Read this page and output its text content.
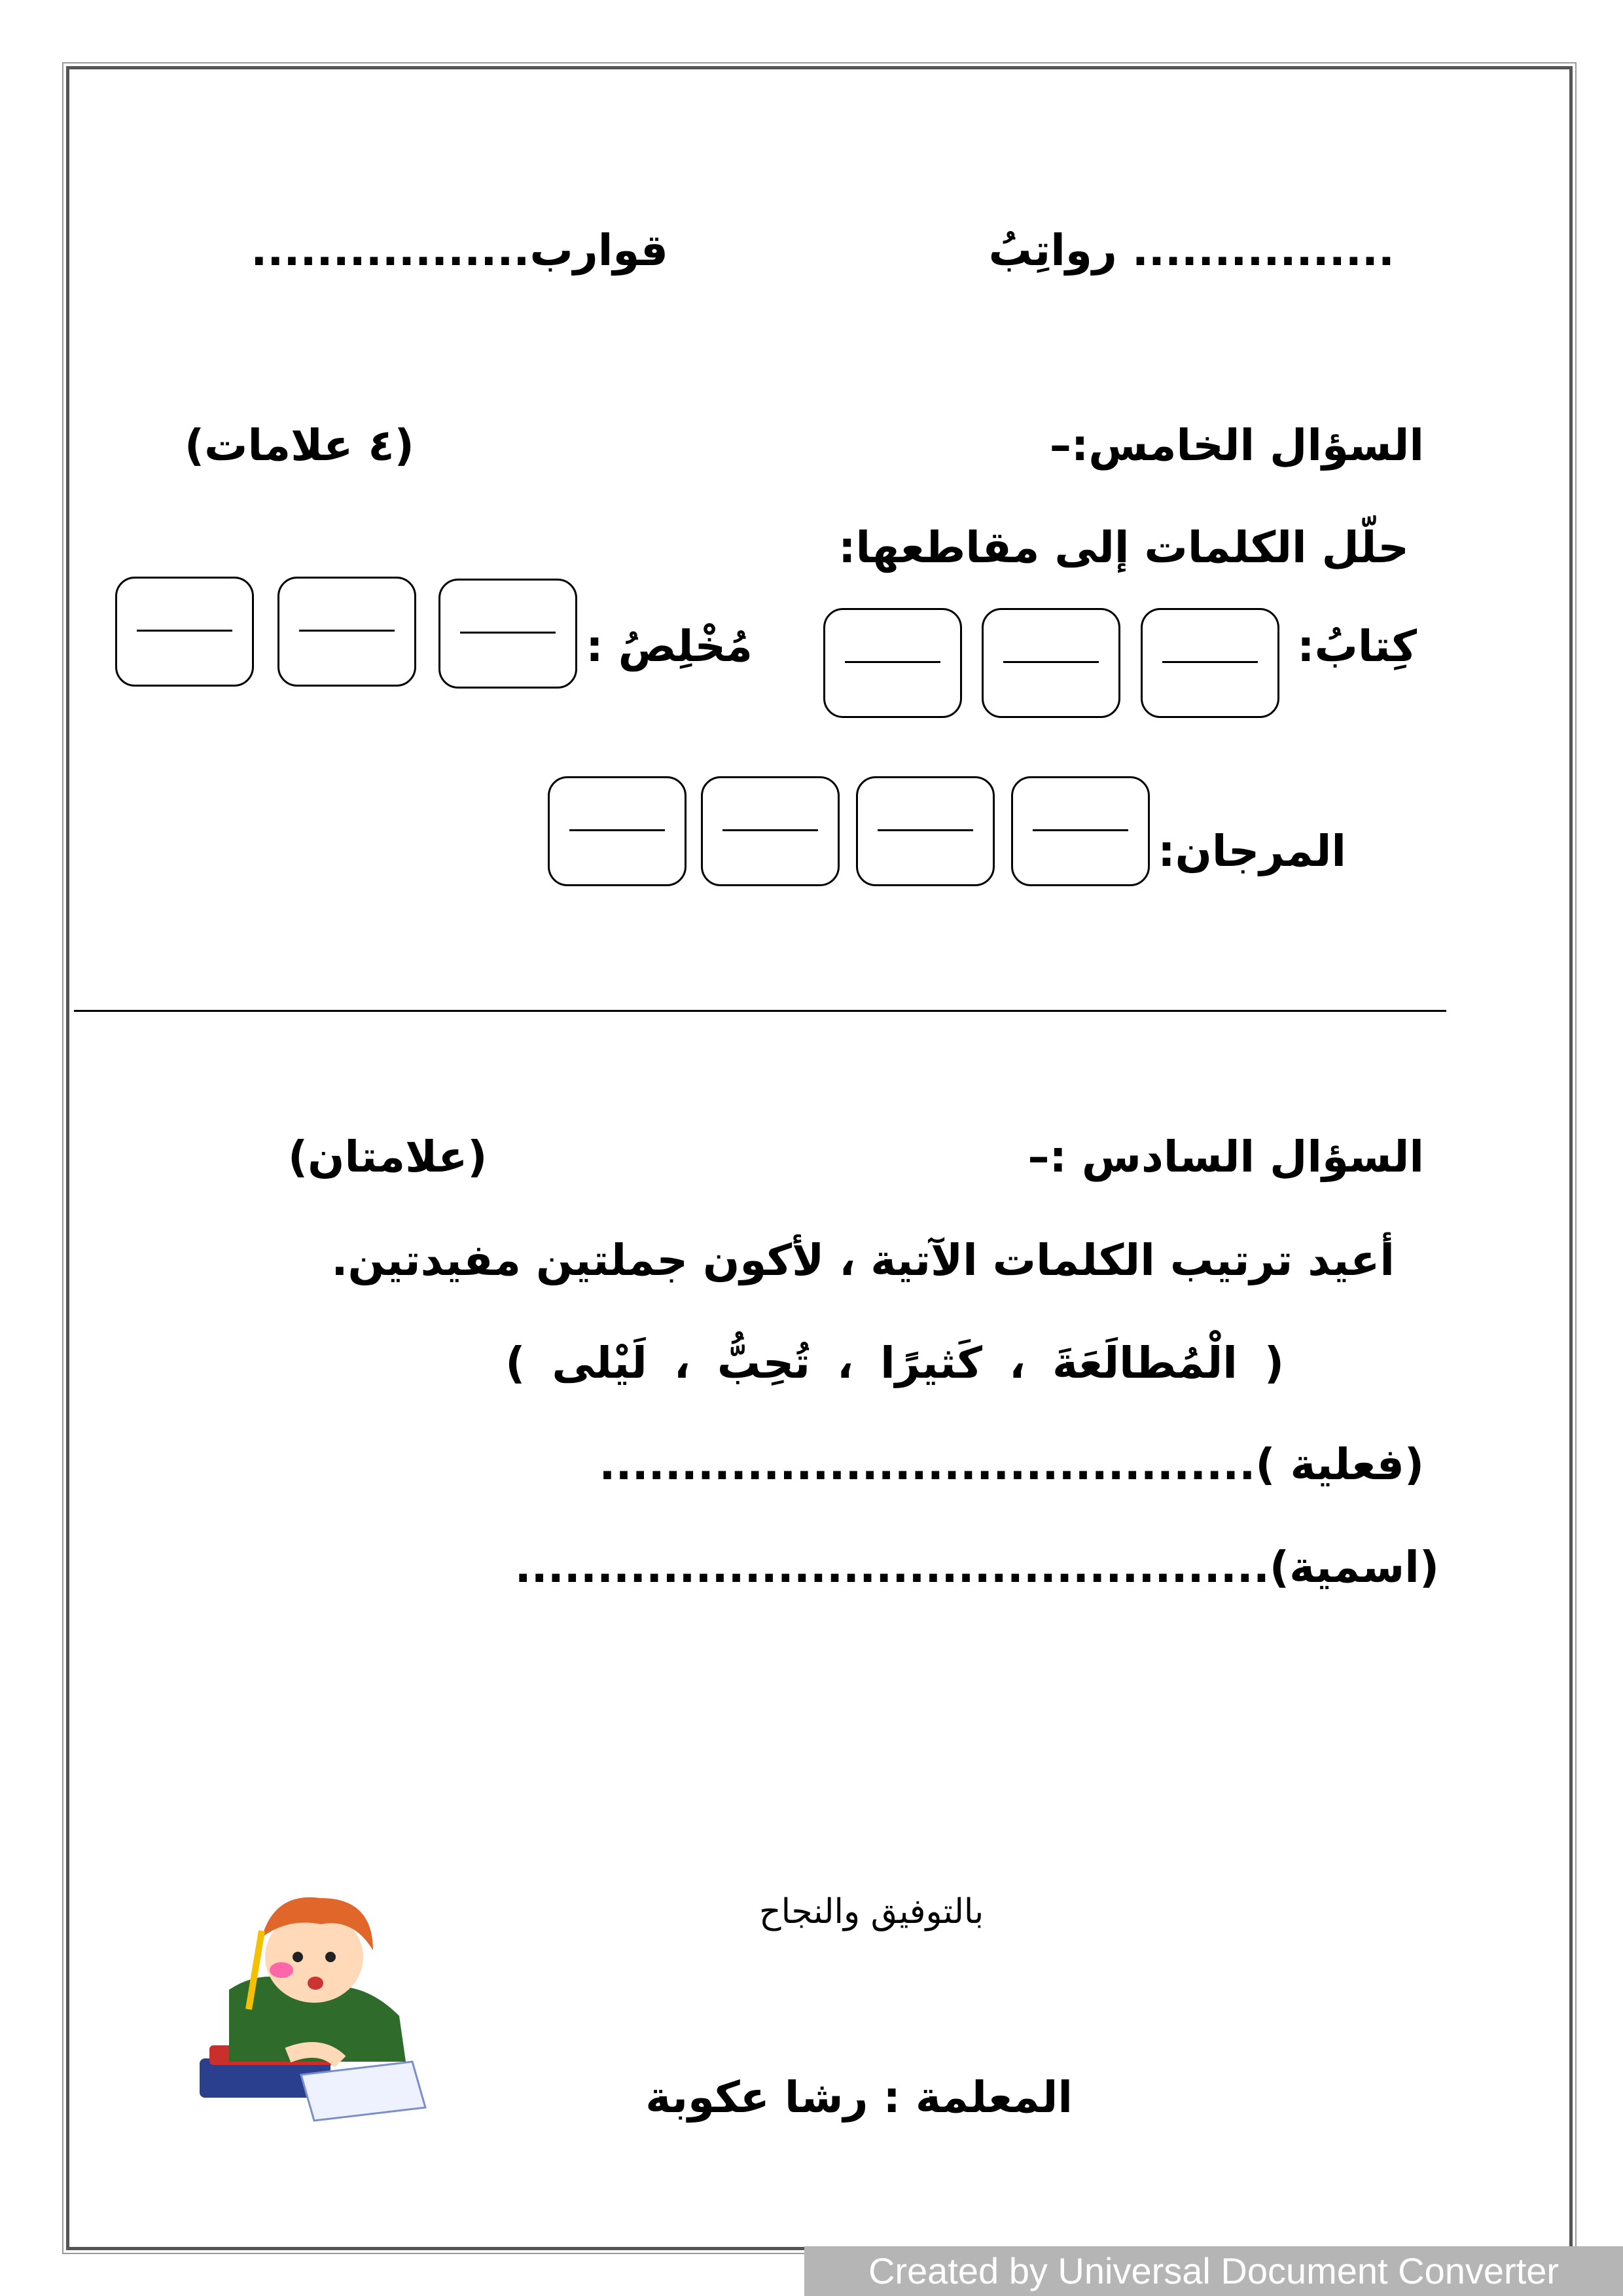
................ رواتِبُ
قوارب.................
السؤال الخامس:–
(٤ علامات)
حلّل الكلمات إلى مقاطعها:
كِتابُ:
مُخْلِصُ :
المرجان:
السؤال السادس :–
(علامتان)
أعيد ترتيب الكلمات الآتية ، لأكون جملتين مفيدتين.
( الْمُطالَعَةَ ، كَثيرًا ، تُحِبُّ ، لَيْلى )
(فعلية )........................................
(اسمية)..............................................
بالتوفيق والنجاح
المعلمة : رشا عكوبة
Created by Universal Document Converter
